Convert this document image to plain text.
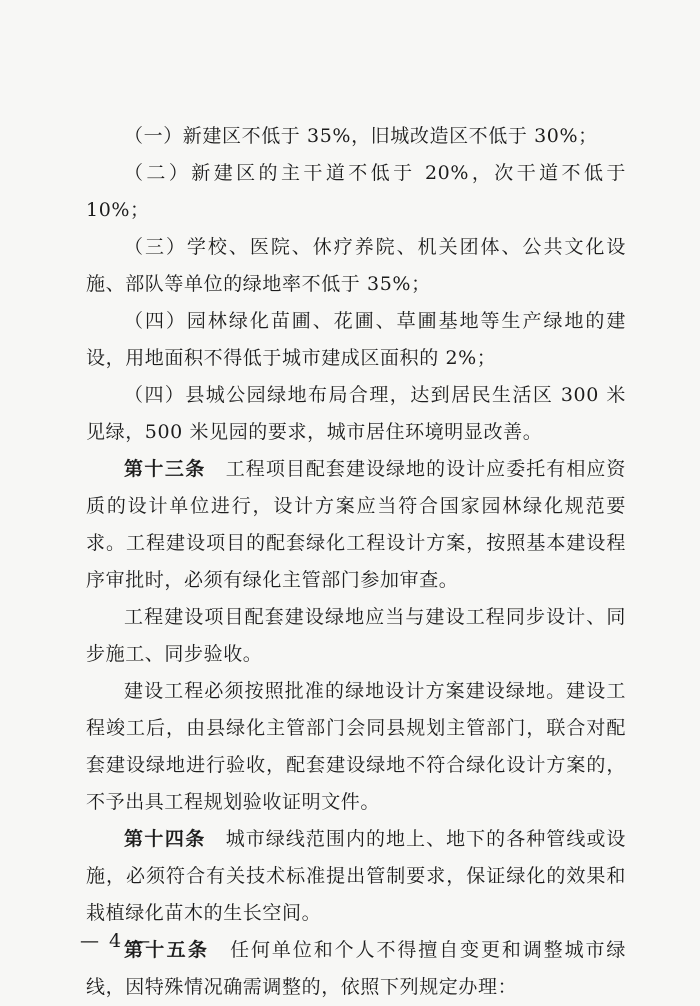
（一）新建区不低于 35%，旧城改造区不低于 30%；

（二）新建区的主干道不低于 20%，次干道不低于 10%；

（三）学校、医院、休疗养院、机关团体、公共文化设施、部队等单位的绿地率不低于 35%；

（四）园林绿化苗圃、花圃、草圃基地等生产绿地的建设，用地面积不得低于城市建成区面积的 2%；

（四）县城公园绿地布局合理，达到居民生活区 300 米见绿，500 米见园的要求，城市居住环境明显改善。

第十三条　工程项目配套建设绿地的设计应委托有相应资质的设计单位进行，设计方案应当符合国家园林绿化规范要求。工程建设项目的配套绿化工程设计方案，按照基本建设程序审批时，必须有绿化主管部门参加审查。

工程建设项目配套建设绿地应当与建设工程同步设计、同步施工、同步验收。

建设工程必须按照批准的绿地设计方案建设绿地。建设工程竣工后，由县绿化主管部门会同县规划主管部门，联合对配套建设绿地进行验收，配套建设绿地不符合绿化设计方案的，不予出具工程规划验收证明文件。

第十四条　城市绿线范围内的地上、地下的各种管线或设施，必须符合有关技术标准提出管制要求，保证绿化的效果和栽植绿化苗木的生长空间。

第十五条　任何单位和个人不得擅自变更和调整城市绿线，因特殊情况确需调整的，依照下列规定办理：

— 4 —
